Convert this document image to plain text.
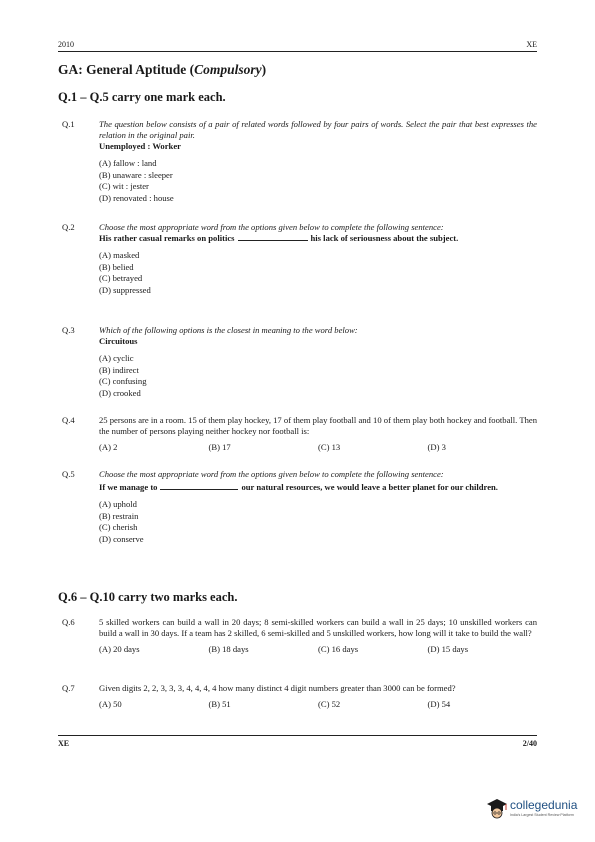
2010	XE
GA: General Aptitude (Compulsory)
Q.1 – Q.5 carry one mark each.
Q.1	The question below consists of a pair of related words followed by four pairs of words. Select the pair that best expresses the relation in the original pair.
Unemployed : Worker
(A) fallow : land
(B) unaware : sleeper
(C) wit : jester
(D) renovated : house
Q.2	Choose the most appropriate word from the options given below to complete the following sentence:
His rather casual remarks on politics	his lack of seriousness about the subject.
(A) masked
(B) belied
(C) betrayed
(D) suppressed
Q.3	Which of the following options is the closest in meaning to the word below:
Circuitous
(A) cyclic
(B) indirect
(C) confusing
(D) crooked
Q.4	25 persons are in a room. 15 of them play hockey, 17 of them play football and 10 of them play both hockey and football. Then the number of persons playing neither hockey nor football is:
(A) 2	(B) 17	(C) 13	(D) 3
Q.5	Choose the most appropriate word from the options given below to complete the following sentence:
If we manage to	our natural resources, we would leave a better planet for our children.
(A) uphold
(B) restrain
(C) cherish
(D) conserve
Q.6 – Q.10 carry two marks each.
Q.6	5 skilled workers can build a wall in 20 days; 8 semi-skilled workers can build a wall in 25 days; 10 unskilled workers can build a wall in 30 days. If a team has 2 skilled, 6 semi-skilled and 5 unskilled workers, how long will it take to build the wall?
(A) 20 days	(B) 18 days	(C) 16 days	(D) 15 days
Q.7	Given digits 2, 2, 3, 3, 3, 4, 4, 4, 4 how many distinct 4 digit numbers greater than 3000 can be formed?
(A) 50	(B) 51	(C) 52	(D) 54
XE	2/40
collegedunia
India's Largest Student Review Platform
